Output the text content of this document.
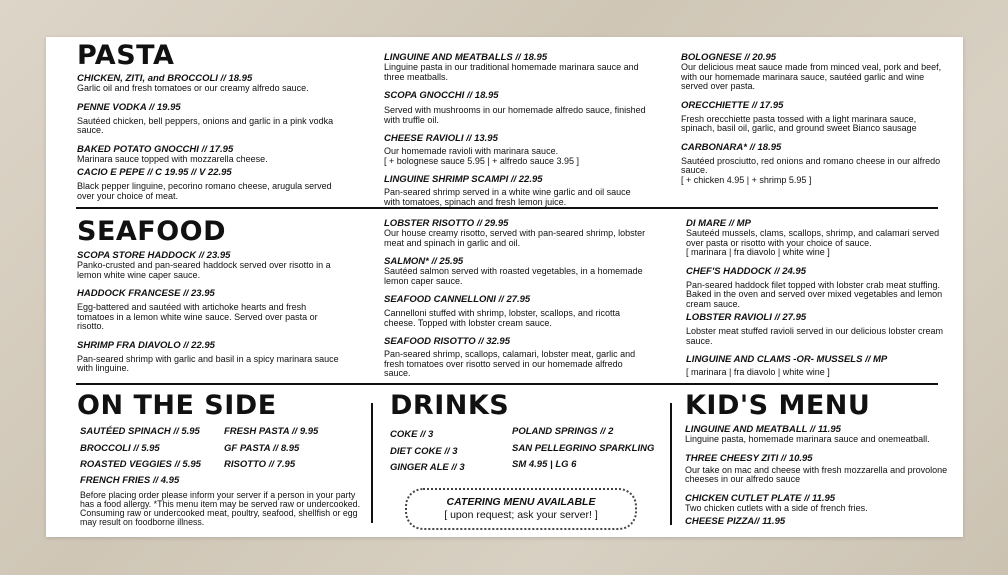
PASTA
CHICKEN, ZITI, and BROCCOLI // 18.95
Garlic oil and fresh tomatoes or our creamy alfredo sauce.
PENNE VODKA // 19.95
Sautéed chicken, bell peppers, onions and garlic in a pink vodka sauce.
BAKED POTATO GNOCCHI // 17.95
Marinara sauce topped with mozzarella cheese.
CACIO E PEPE // C 19.95 // V 22.95
Black pepper linguine, pecorino romano cheese, arugula served over your choice of meat.
LINGUINE AND MEATBALLS // 18.95
Linguine pasta in our traditional homemade marinara sauce and three meatballs.
SCOPA GNOCCHI // 18.95
Served with mushrooms in our homemade alfredo sauce, finished with truffle oil.
CHEESE RAVIOLI // 13.95
Our homemade ravioli with marinara sauce.
[ + bolognese sauce 5.95 | + alfredo sauce 3.95 ]
LINGUINE SHRIMP SCAMPI // 22.95
Pan-seared shrimp served in a white wine garlic and oil sauce with tomatoes, spinach and fresh lemon juice.
BOLOGNESE // 20.95
Our delicious meat sauce made from minced veal, pork and beef, with our homemade marinara sauce, sautéed garlic and wine served over pasta.
ORECCHIETTE // 17.95
Fresh orecchiette pasta tossed with a light marinara sauce, spinach, basil oil, garlic, and ground sweet Bianco sausage
CARBONARA* // 18.95
Sautéed prosciutto, red onions and romano cheese in our alfredo sauce.
[ + chicken 4.95 | + shrimp 5.95 ]
SEAFOOD
SCOPA STORE HADDOCK // 23.95
Panko-crusted and pan-seared haddock served over risotto in a lemon white wine caper sauce.
HADDOCK FRANCESE // 23.95
Egg-battered and sautéed with artichoke hearts and fresh tomatoes in a lemon white wine sauce. Served over pasta or risotto.
SHRIMP FRA DIAVOLO // 22.95
Pan-seared shrimp with garlic and basil in a spicy marinara sauce with linguine.
LOBSTER RISOTTO // 29.95
Our house creamy risotto, served with pan-seared shrimp, lobster meat and spinach in garlic and oil.
SALMON* // 25.95
Sautéed salmon served with roasted vegetables, in a homemade lemon caper sauce.
SEAFOOD CANNELLONI // 27.95
Cannelloni stuffed with shrimp, lobster, scallops, and ricotta cheese. Topped with lobster cream sauce.
SEAFOOD RISOTTO // 32.95
Pan-seared shrimp, scallops, calamari, lobster meat, garlic and fresh tomatoes over risotto served in our homemade alfredo sauce.
DI MARE // MP
Sauteéd mussels, clams, scallops, shrimp, and calamari served over pasta or risotto with your choice of sauce.
[ marinara | fra diavolo | white wine ]
CHEF'S HADDOCK // 24.95
Pan-seared haddock filet topped with lobster crab meat stuffing. Baked in the oven and served over mixed vegetables and lemon cream sauce.
LOBSTER RAVIOLI // 27.95
Lobster meat stuffed ravioli served in our delicious lobster cream sauce.
LINGUINE AND CLAMS -OR- MUSSELS // MP
[ marinara | fra diavolo | white wine ]
ON THE SIDE
SAUTÉED SPINACH // 5.95	FRESH PASTA // 9.95
BROCCOLI // 5.95	GF PASTA // 8.95
ROASTED VEGGIES // 5.95 RISOTTO // 7.95
FRENCH FRIES // 4.95
Before placing order please inform your server if a person in your party has a food allergy. *This menu item may be served raw or undercooked. Consuming raw or undercooked meat, poultry, seafood, shellfish or egg may result on foodborne illness.
DRINKS
COKE // 3	POLAND SPRINGS // 2
DIET COKE // 3	SAN PELLEGRINO SPARKLING
GINGER ALE // 3	SM 4.95 | LG 6
CATERING MENU AVAILABLE
[ upon request; ask your server! ]
KID'S MENU
LINGUINE AND MEATBALL // 11.95
Linguine pasta, homemade marinara sauce and onemeatball.
THREE CHEESY ZITI // 10.95
Our take on mac and cheese with fresh mozzarella and provolone cheeses in our alfredo sauce
CHICKEN CUTLET PLATE // 11.95
Two chicken cutlets with a side of french fries.
CHEESE PIZZA// 11.95
